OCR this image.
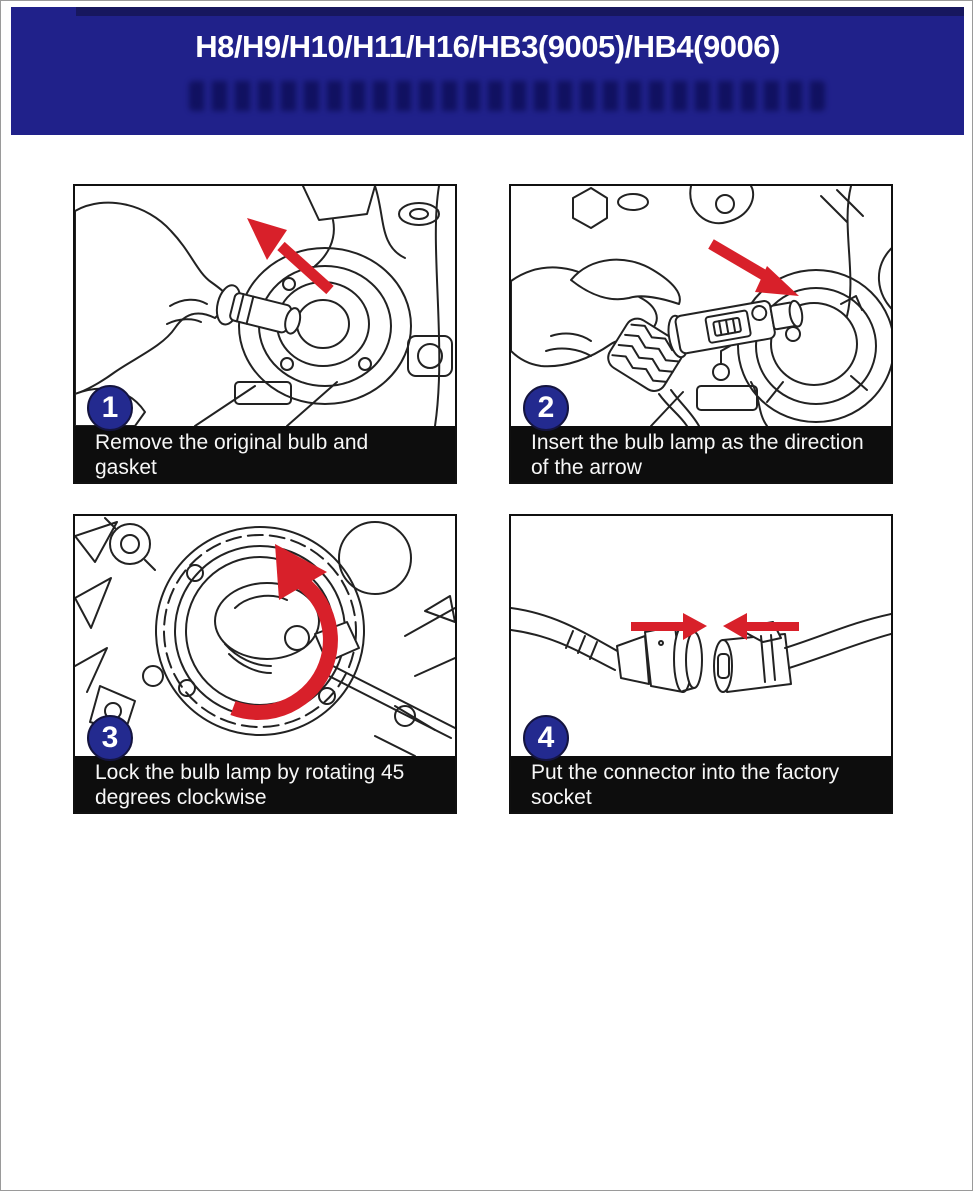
H8/H9/H10/H11/H16/HB3(9005)/HB4(9006)
1
Remove the original bulb and
gasket
2
Insert the bulb lamp as the direction
of the arrow
3
Lock the bulb lamp by rotating 45
degrees clockwise
4
Put the connector into the factory
socket
